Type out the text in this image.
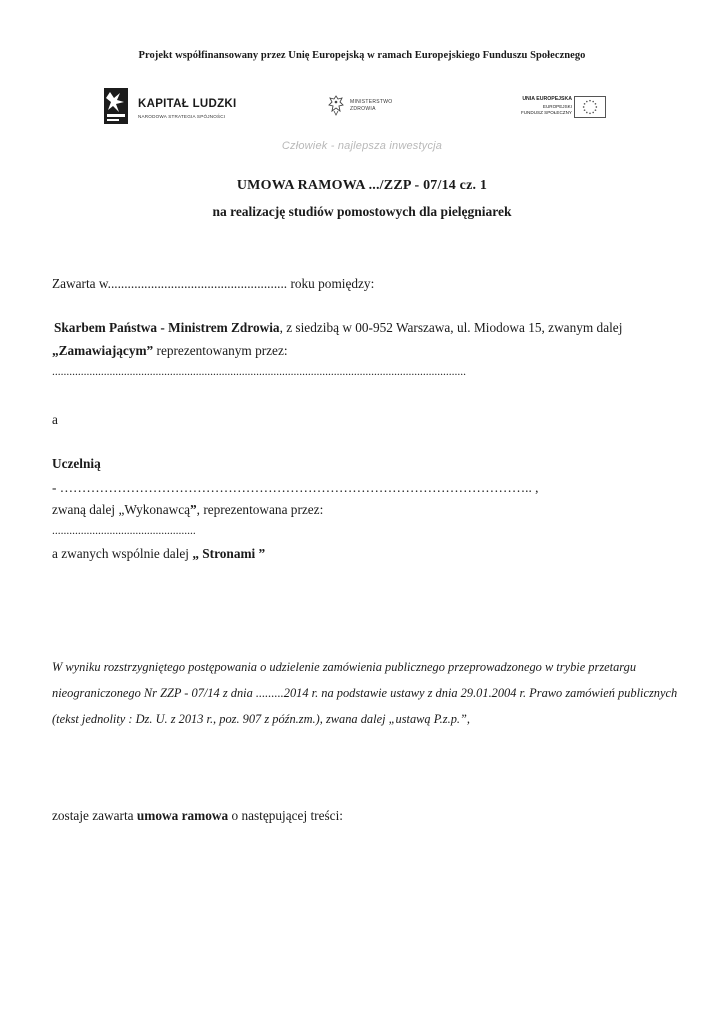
Projekt współfinansowany przez Unię Europejską w ramach Europejskiego Funduszu Społecznego
KAPITAŁ LUDZKI
NARODOWA STRATEGIA SPÓJNOŚCI
MINISTERSTWO
ZDROWIA
UNIA EUROPEJSKA
EUROPEJSKI
FUNDUSZ SPOŁECZNY
Człowiek - najlepsza inwestycja
UMOWA RAMOWA .../ZZP - 07/14 cz. 1
na realizację studiów pomostowych dla pielęgniarek
Zawarta w...................................................... roku pomiędzy:
Skarbem Państwa - Ministrem Zdrowia, z siedzibą w 00-952 Warszawa, ul. Miodowa 15, zwanym dalej
„Zamawiającym” reprezentowanym przez:
................................................................................................................................................
a
Uczelnią
- …………………………………………………………………………………………….. ,
zwaną dalej „Wykonawcą”, reprezentowana przez:
..................................................
a zwanych wspólnie dalej „ Stronami ”
W wyniku rozstrzygniętego postępowania o udzielenie zamówienia publicznego przeprowadzonego w trybie przetargu nieograniczonego Nr ZZP - 07/14 z dnia .........2014 r. na podstawie ustawy z dnia 29.01.2004 r. Prawo zamówień publicznych (tekst jednolity : Dz. U. z 2013 r., poz. 907 z późn.zm.), zwana dalej „ustawą P.z.p.”,
zostaje zawarta umowa ramowa o następującej treści:
